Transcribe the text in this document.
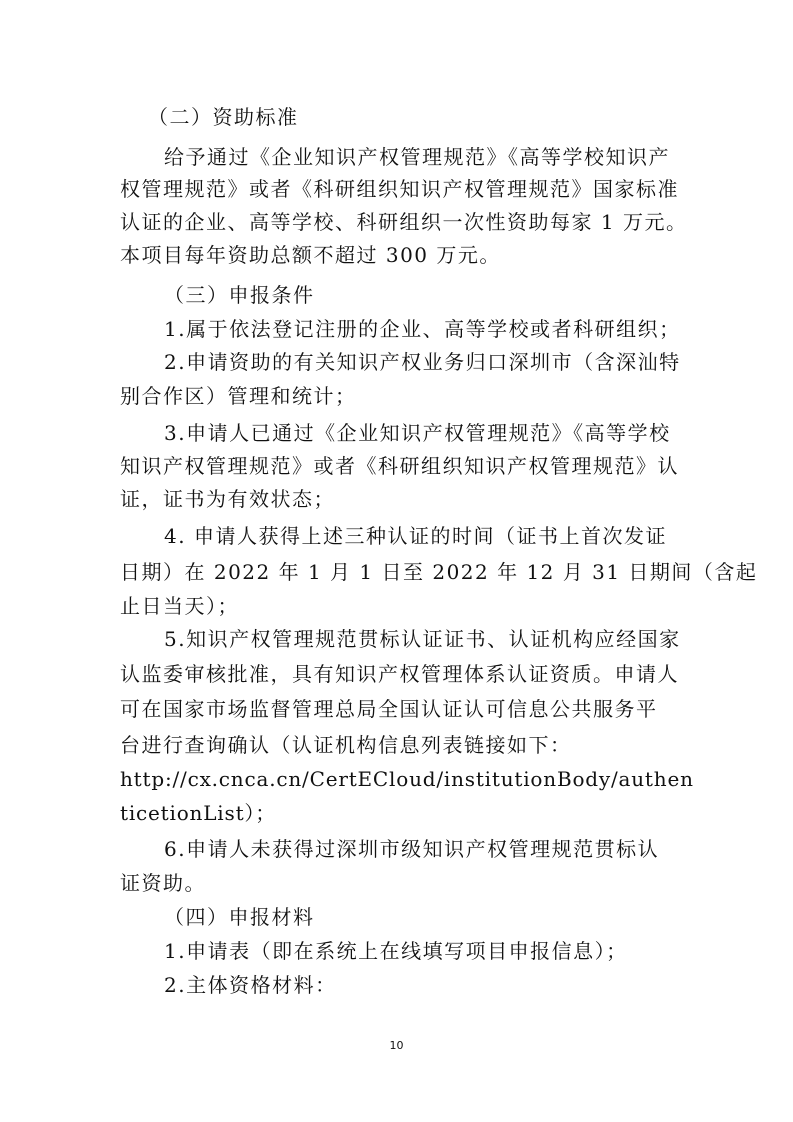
（二）资助标准
给予通过《企业知识产权管理规范》《高等学校知识产
权管理规范》或者《科研组织知识产权管理规范》国家标准
认证的企业、高等学校、科研组织一次性资助每家 1 万元。
本项目每年资助总额不超过 300 万元。
（三）申报条件
1.属于依法登记注册的企业、高等学校或者科研组织；
2.申请资助的有关知识产权业务归口深圳市（含深汕特
别合作区）管理和统计；
3.申请人已通过《企业知识产权管理规范》《高等学校
知识产权管理规范》或者《科研组织知识产权管理规范》认
证，证书为有效状态；
4. 申请人获得上述三种认证的时间（证书上首次发证
日期）在 2022 年 1 月 1 日至 2022 年 12 月 31 日期间（含起
止日当天）；
5.知识产权管理规范贯标认证证书、认证机构应经国家
认监委审核批准，具有知识产权管理体系认证资质。申请人
可在国家市场监督管理总局全国认证认可信息公共服务平
台进行查询确认（认证机构信息列表链接如下：
http://cx.cnca.cn/CertECloud/institutionBody/authen
ticetionList）；
6.申请人未获得过深圳市级知识产权管理规范贯标认
证资助。
（四）申报材料
1.申请表（即在系统上在线填写项目申报信息）；
2.主体资格材料：
10
